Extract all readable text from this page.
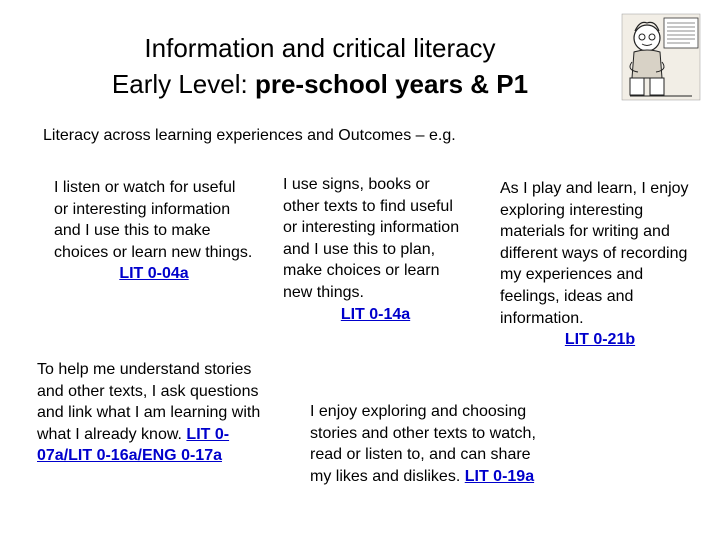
Information and critical literacy
Early Level: pre-school years & P1

Literacy across learning experiences and Outcomes – e.g.

I listen or watch for useful or interesting information and I use this to make choices or learn new things.
LIT 0-04a
I use signs, books or other texts to find useful or interesting information and I use this to plan, make choices or learn new things.
LIT 0-14a
As I play and learn, I enjoy exploring interesting materials for writing and different ways of recording my experiences and feelings, ideas and information.
LIT 0-21b
To help me understand stories and other texts, I ask questions and link what I am learning with what I already know. LIT 0-07a/LIT 0-16a/ENG 0-17a
I enjoy exploring and choosing stories and other texts to watch, read or listen to, and can share my likes and dislikes. LIT 0-19a
